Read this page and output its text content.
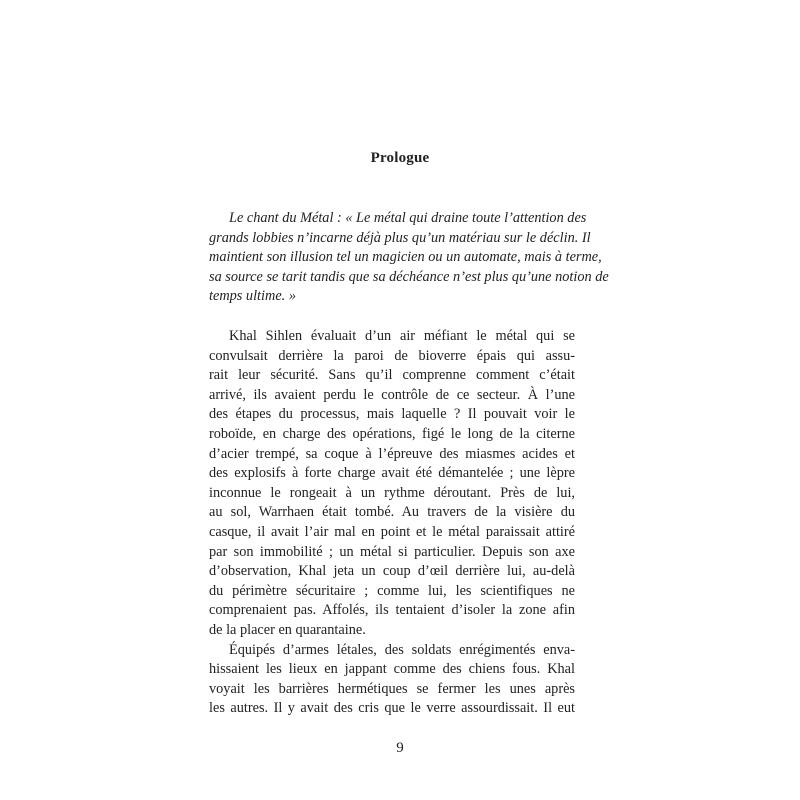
Prologue
Le chant du Métal : « Le métal qui draine toute l’attention des
grands lobbies n’incarne déjà plus qu’un matériau sur le déclin. Il
maintient son illusion tel un magicien ou un automate, mais à terme,
sa source se tarit tandis que sa déchéance n’est plus qu’une notion de
temps ultime. »
Khal Sihlen évaluait d’un air méfiant le métal qui se
convulsait derrière la paroi de bioverre épais qui assu-
rait leur sécurité. Sans qu’il comprenne comment c’était
arrivé, ils avaient perdu le contrôle de ce secteur. À l’une
des étapes du processus, mais laquelle ? Il pouvait voir le
roboïde, en charge des opérations, figé le long de la citerne
d’acier trempé, sa coque à l’épreuve des miasmes acides et
des explosifs à forte charge avait été démantelée ; une lèpre
inconnue le rongeait à un rythme déroutant. Près de lui,
au sol, Warrhaen était tombé. Au travers de la visière du
casque, il avait l’air mal en point et le métal paraissait attiré
par son immobilité ; un métal si particulier. Depuis son axe
d’observation, Khal jeta un coup d’œil derrière lui, au-delà
du périmètre sécuritaire ; comme lui, les scientifiques ne
comprenaient pas. Affolés, ils tentaient d’isoler la zone afin
de la placer en quarantaine.
Équipés d’armes létales, des soldats enrégimentés enva-
hissaient les lieux en jappant comme des chiens fous. Khal
voyait les barrières hermétiques se fermer les unes après
les autres. Il y avait des cris que le verre assourdissait. Il eut
9
